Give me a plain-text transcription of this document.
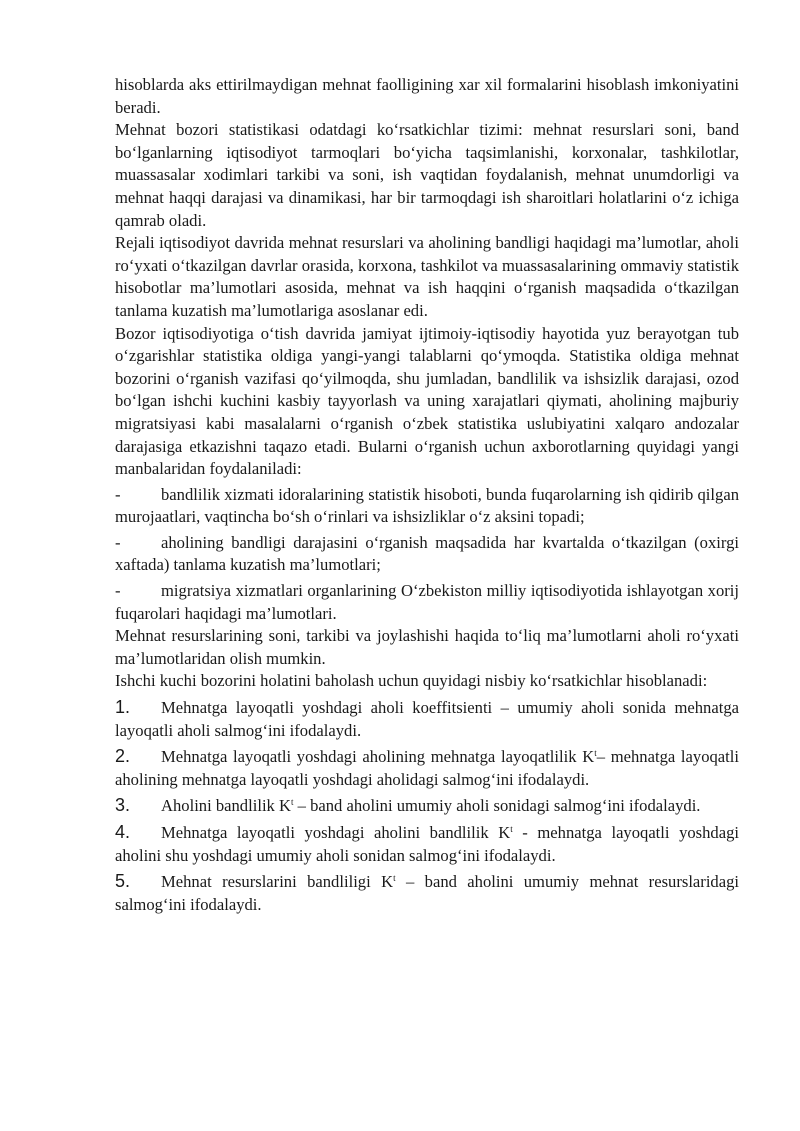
hisoblarda aks ettirilmaydigan mehnat faolligining xar xil formalarini hisoblash imkoniyatini beradi.

Mehnat bozori statistikasi odatdagi ko‘rsatkichlar tizimi: mehnat resurslari soni, band bo‘lganlarning iqtisodiyot tarmoqlari bo‘yicha taqsimlanishi, korxonalar, tashkilotlar, muassasalar xodimlari tarkibi va soni, ish vaqtidan foydalanish, mehnat unumdorligi va mehnat haqqi darajasi va dinamikasi, har bir tarmoqdagi ish sharoitlari holatlarini o‘z ichiga qamrab oladi.

Rejali iqtisodiyot davrida mehnat resurslari va aholining bandligi haqidagi ma’lumotlar, aholi ro‘yxati o‘tkazilgan davrlar orasida, korxona, tashkilot va muassasalarining ommaviy statistik hisobotlar ma’lumotlari asosida, mehnat va ish haqqini o‘rganish maqsadida o‘tkazilgan tanlama kuzatish ma’lumotlariga asoslanar edi.

Bozor iqtisodiyotiga o‘tish davrida jamiyat ijtimoiy-iqtisodiy hayotida yuz berayotgan tub o‘zgarishlar statistika oldiga yangi-yangi talablarni qo‘ymoqda. Statistika oldiga mehnat bozorini o‘rganish vazifasi qo‘yilmoqda, shu jumladan, bandlilik va ishsizlik darajasi, ozod bo‘lgan ishchi kuchini kasbiy tayyorlash va uning xarajatlari qiymati, aholining majburiy migratsiyasi kabi masalalarni o‘rganish o‘zbek statistika uslubiyatini xalqaro andozalar darajasiga etkazishni taqazo etadi. Bularni o‘rganish uchun axborotlarning quyidagi yangi manbalaridan foydalaniladi:

- bandlilik xizmati idoralarining statistik hisoboti, bunda fuqarolarning ish qidirib qilgan murojaatlari, vaqtincha bo‘sh o‘rinlari va ishsizliklar o‘z aksini topadi;

- aholining bandligi darajasini o‘rganish maqsadida har kvartalda o‘tkazilgan (oxirgi xaftada) tanlama kuzatish ma’lumotlari;

- migratsiya xizmatlari organlarining O‘zbekiston milliy iqtisodiyotida ishlayotgan xorij fuqarolari haqidagi ma’lumotlari.

Mehnat resurslarining soni, tarkibi va joylashishi haqida to‘liq ma’lumotlarni aholi ro‘yxati ma’lumotlaridan olish mumkin.

Ishchi kuchi bozorini holatini baholash uchun quyidagi nisbiy ko‘rsatkichlar hisoblanadi:

1. Mehnatga layoqatli yoshdagi aholi koeffitsienti – umumiy aholi sonida mehnatga layoqatli aholi salmog‘ini ifodalaydi.

2. Mehnatga layoqatli yoshdagi aholining mehnatga layoqatlilik $K^t-$ mehnatga layoqatli aholining mehnatga layoqatli yoshdagi aholidagi salmog‘ini ifodalaydi.

3. Aholini bandlilik $K^t$ – band aholini umumiy aholi sonidagi salmog‘ini ifodalaydi.

4. Mehnatga layoqatli yoshdagi aholini bandlilik $K^t$ - mehnatga layoqatli yoshdagi aholini shu yoshdagi umumiy aholi sonidan salmog‘ini ifodalaydi.

5. Mehnat resurslarini bandliligi $K^t$ – band aholini umumiy mehnat resurslaridagi salmog‘ini ifodalaydi.
